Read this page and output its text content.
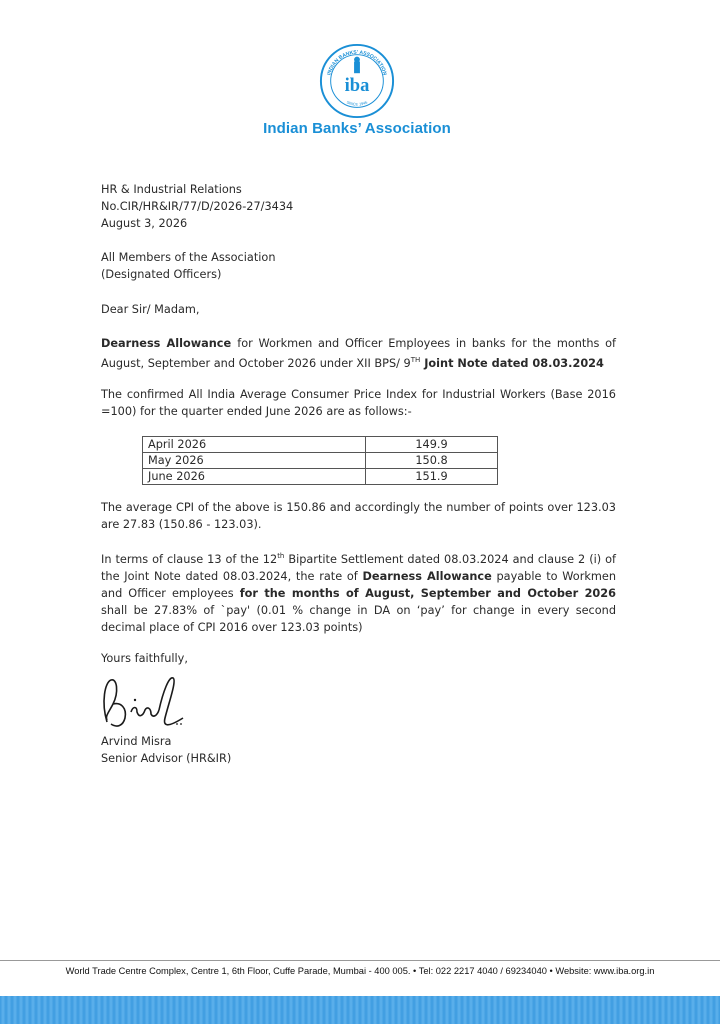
INDIAN BANKS' ASSOCIATION
SINCE 1946
iba
Indian Banks’ Association
HR & Industrial Relations
No.CIR/HR&IR/77/D/2026-27/3434
August 3, 2026
All Members of the Association
(Designated Officers)
Dear Sir/ Madam,
Dearness Allowance for Workmen and Officer Employees in banks for the months of August, September and October 2026 under XII BPS/ 9TH Joint Note dated 08.03.2024
The confirmed All India Average Consumer Price Index for Industrial Workers (Base 2016 =100) for the quarter ended June 2026 are as follows:-
April 2026	149.9
May 2026	150.8
June 2026	151.9
The average CPI of the above is 150.86 and accordingly the number of points over 123.03 are 27.83 (150.86 - 123.03).
In terms of clause 13 of the 12th Bipartite Settlement dated 08.03.2024 and clause 2 (i) of the Joint Note dated 08.03.2024, the rate of Dearness Allowance payable to Workmen and Officer employees for the months of August, September and October 2026 shall be 27.83% of `pay' (0.01 % change in DA on ‘pay’ for change in every second decimal place of CPI 2016 over 123.03 points)
Yours faithfully,
Arvind Misra
Senior Advisor (HR&IR)
World Trade Centre Complex, Centre 1, 6th Floor, Cuffe Parade, Mumbai - 400 005. • Tel: 022 2217 4040 / 69234040 • Website: www.iba.org.in
